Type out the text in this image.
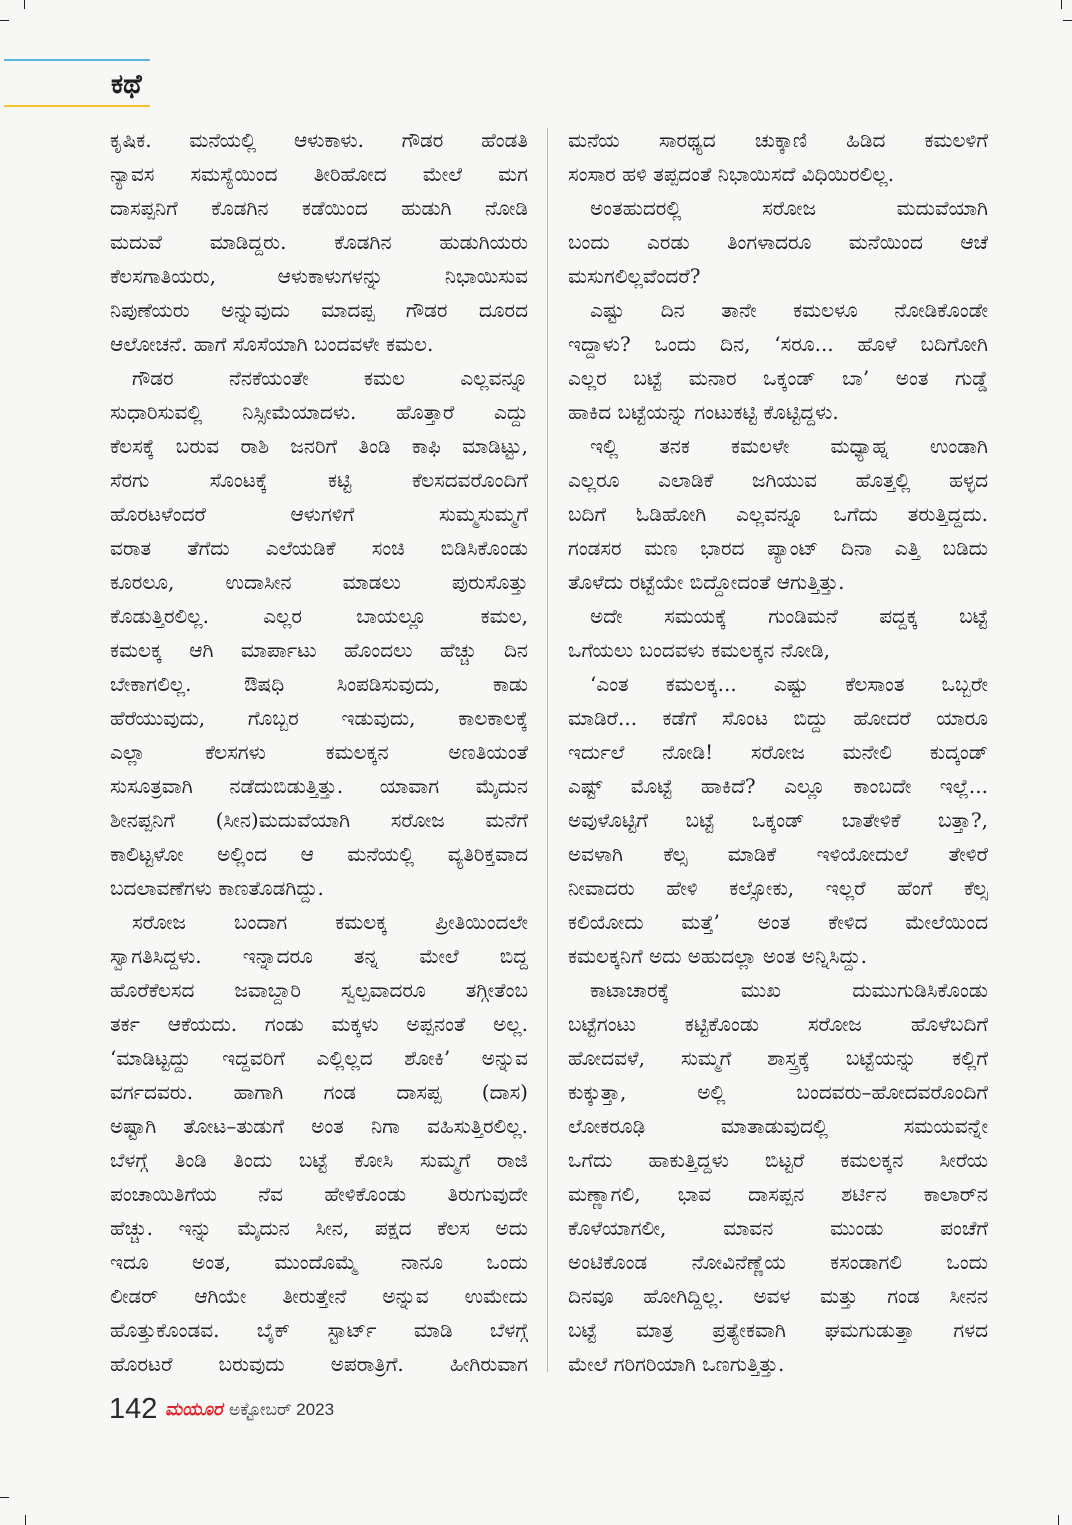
ಕಥೆ
ಕೃಷಿಕ. ಮನೆಯಲ್ಲಿ ಆಳುಕಾಳು. ಗೌಡರ ಹೆಂಡತಿ
ನ್ಯಾವಸ ಸಮಸ್ಯೆಯಿಂದ ತೀರಿಹೋದ ಮೇಲೆ ಮಗ
ದಾಸಪ್ಪನಿಗೆ ಕೊಡಗಿನ ಕಡೆಯಿಂದ ಹುಡುಗಿ ನೋಡಿ
ಮದುವೆ ಮಾಡಿದ್ದರು. ಕೊಡಗಿನ ಹುಡುಗಿಯರು
ಕೆಲಸಗಾತಿಯರು, ಆಳುಕಾಳುಗಳನ್ನು ನಿಭಾಯಿಸುವ
ನಿಪುಣೆಯರು ಅನ್ನುವುದು ಮಾದಪ್ಪ ಗೌಡರ ದೂರದ
ಆಲೋಚನೆ. ಹಾಗೆ ಸೊಸೆಯಾಗಿ ಬಂದವಳೇ ಕಮಲ.
ಗೌಡರ ನೆನಕೆಯಂತೇ ಕಮಲ ಎಲ್ಲವನ್ನೂ
ಸುಧಾರಿಸುವಲ್ಲಿ ನಿಸ್ಸೀಮೆಯಾದಳು. ಹೊತ್ತಾರೆ ಎದ್ದು
ಕೆಲಸಕ್ಕೆ ಬರುವ ರಾಶಿ ಜನರಿಗೆ ತಿಂಡಿ ಕಾಫಿ ಮಾಡಿಟ್ಟು,
ಸೆರಗು ಸೊಂಟಕ್ಕೆ ಕಟ್ಟಿ ಕೆಲಸದವರೊಂದಿಗೆ
ಹೊರಟಳೆಂದರೆ ಆಳುಗಳಿಗೆ ಸುಮ್ಮಸುಮ್ಮಗೆ
ವರಾತ ತೆಗೆದು ಎಲೆಯಡಿಕೆ ಸಂಚಿ ಬಿಡಿಸಿಕೊಂಡು
ಕೂರಲೂ, ಉದಾಸೀನ ಮಾಡಲು ಪುರುಸೊತ್ತು
ಕೊಡುತ್ತಿರಲಿಲ್ಲ. ಎಲ್ಲರ ಬಾಯಲ್ಲೂ ಕಮಲ,
ಕಮಲಕ್ಕ ಆಗಿ ಮಾರ್ಪಾಟು ಹೊಂದಲು ಹೆಚ್ಚು ದಿನ
ಬೇಕಾಗಲಿಲ್ಲ. ಔಷಧಿ ಸಿಂಪಡಿಸುವುದು, ಕಾಡು
ಹೆರೆಯುವುದು, ಗೊಬ್ಬರ ಇಡುವುದು, ಕಾಲಕಾಲಕ್ಕೆ
ಎಲ್ಲಾ ಕೆಲಸಗಳು ಕಮಲಕ್ಕನ ಅಣತಿಯಂತೆ
ಸುಸೂತ್ರವಾಗಿ ನಡೆದುಬಿಡುತ್ತಿತ್ತು. ಯಾವಾಗ ಮೈದುನ
ಶೀನಪ್ಪನಿಗೆ (ಸೀನ)ಮದುವೆಯಾಗಿ ಸರೋಜ ಮನೆಗೆ
ಕಾಲಿಟ್ಟಳೋ ಅಲ್ಲಿಂದ ಆ ಮನೆಯಲ್ಲಿ ವ್ಯತಿರಿಕ್ತವಾದ
ಬದಲಾವಣೆಗಳು ಕಾಣತೊಡಗಿದ್ದು.
ಸರೋಜ ಬಂದಾಗ ಕಮಲಕ್ಕ ಪ್ರೀತಿಯಿಂದಲೇ
ಸ್ವಾಗತಿಸಿದ್ದಳು. ಇನ್ನಾದರೂ ತನ್ನ ಮೇಲೆ ಬಿದ್ದ
ಹೊರೆಕೆಲಸದ ಜವಾಬ್ದಾರಿ ಸ್ವಲ್ಪವಾದರೂ ತಗ್ಗೀತೆಂಬ
ತರ್ಕ ಆಕೆಯದು. ಗಂಡು ಮಕ್ಕಳು ಅಪ್ಪನಂತೆ ಅಲ್ಲ.
‘ಮಾಡಿಟ್ಟದ್ದು ಇದ್ದವರಿಗೆ ಎಲ್ಲಿಲ್ಲದ ಶೋಕಿ’ ಅನ್ನುವ
ವರ್ಗದವರು. ಹಾಗಾಗಿ ಗಂಡ ದಾಸಪ್ಪ (ದಾಸ)
ಅಷ್ಟಾಗಿ ತೋಟ–ತುಡುಗೆ ಅಂತ ನಿಗಾ ವಹಿಸುತ್ತಿರಲಿಲ್ಲ.
ಬೆಳಗ್ಗೆ ತಿಂಡಿ ತಿಂದು ಬಟ್ಟೆ ಕೋಸಿ ಸುಮ್ಮಗೆ ರಾಜಿ
ಪಂಚಾಯಿತಿಗೆಯ ನೆವ ಹೇಳಿಕೊಂಡು ತಿರುಗುವುದೇ
ಹೆಚ್ಚು. ಇನ್ನು ಮೈದುನ ಸೀನ, ಪಕ್ಷದ ಕೆಲಸ ಅದು
ಇದೂ ಅಂತ, ಮುಂದೊಮ್ಮೆ ನಾನೂ ಒಂದು
ಲೀಡರ್ ಆಗಿಯೇ ತೀರುತ್ತೇನೆ ಅನ್ನುವ ಉಮೇದು
ಹೊತ್ತುಕೊಂಡವ. ಬೈಕ್ ಸ್ಟಾರ್ಟ್ ಮಾಡಿ ಬೆಳಗ್ಗೆ
ಹೊರಟರೆ ಬರುವುದು ಅಪರಾತ್ರಿಗೆ. ಹೀಗಿರುವಾಗ
ಮನೆಯ ಸಾರಥ್ಯದ ಚುಕ್ಕಾಣಿ ಹಿಡಿದ ಕಮಲಳಿಗೆ
ಸಂಸಾರ ಹಳಿ ತಪ್ಪದಂತೆ ನಿಭಾಯಿಸದೆ ವಿಧಿಯಿರಲಿಲ್ಲ.
ಅಂತಹುದರಲ್ಲಿ ಸರೋಜ ಮದುವೆಯಾಗಿ
ಬಂದು ಎರಡು ತಿಂಗಳಾದರೂ ಮನೆಯಿಂದ ಆಚೆ
ಮಸುಗಲಿಲ್ಲವೆಂದರೆ?
ಎಷ್ಟು ದಿನ ತಾನೇ ಕಮಲಳೂ ನೋಡಿಕೊಂಡೇ
ಇದ್ದಾಳು? ಒಂದು ದಿನ, ‘ಸರೂ... ಹೊಳೆ ಬದಿಗೋಗಿ
ಎಲ್ಲರ ಬಟ್ಟೆ ಮನಾರ ಒಕ್ಕಂಡ್ ಬಾ’ ಅಂತ ಗುಡ್ಡೆ
ಹಾಕಿದ ಬಟ್ಟೆಯನ್ನು ಗಂಟುಕಟ್ಟಿ ಕೊಟ್ಟಿದ್ದಳು.
ಇಲ್ಲಿ ತನಕ ಕಮಲಳೇ ಮಧ್ಯಾಹ್ನ ಉಂಡಾಗಿ
ಎಲ್ಲರೂ ಎಲಾಡಿಕೆ ಜಗಿಯುವ ಹೊತ್ತಲ್ಲಿ ಹಳ್ಳದ
ಬದಿಗೆ ಓಡಿಹೋಗಿ ಎಲ್ಲವನ್ನೂ ಒಗೆದು ತರುತ್ತಿದ್ದದು.
ಗಂಡಸರ ಮಣ ಭಾರದ ಪ್ಯಾಂಟ್ ದಿನಾ ಎತ್ತಿ ಬಡಿದು
ತೊಳೆದು ರಟ್ಟೆಯೇ ಬಿದ್ದೋದಂತೆ ಆಗುತ್ತಿತ್ತು.
ಅದೇ ಸಮಯಕ್ಕೆ ಗುಂಡಿಮನೆ ಪದ್ದಕ್ಕ ಬಟ್ಟೆ
ಒಗೆಯಲು ಬಂದವಳು ಕಮಲಕ್ಕನ ನೋಡಿ,
‘ಎಂತ ಕಮಲಕ್ಕ... ಎಷ್ಟು ಕೆಲಸಾಂತ ಒಬ್ಬರೇ
ಮಾಡಿರೆ... ಕಡೆಗೆ ಸೊಂಟ ಬಿದ್ದು ಹೋದರೆ ಯಾರೂ
ಇರ್ದುಲೆ ನೋಡಿ! ಸರೋಜ ಮನೇಲಿ ಕುದ್ಕಂಡ್
ಎಷ್ಟ್ ಮೊಟ್ಟೆ ಹಾಕಿದೆ? ಎಲ್ಲೂ ಕಾಂಬದೇ ಇಲ್ಲೆ...
ಅವುಳೊಟ್ಟಿಗೆ ಬಟ್ಟೆ ಒಕ್ಕಂಡ್ ಬಾತೇಳಿಕೆ ಬತ್ತಾ?,
ಅವಳಾಗಿ ಕೆಲ್ಸ ಮಾಡಿಕೆ ಇಳಿಯೋದುಲೆ ತೇಳಿರೆ
ನೀವಾದರು ಹೇಳಿ ಕಲ್ಸೋಕು, ಇಲ್ಲರೆ ಹೆಂಗೆ ಕೆಲ್ಸ
ಕಲಿಯೋದು ಮತ್ತೆ’ ಅಂತ ಕೇಳಿದ ಮೇಲೆಯಿಂದ
ಕಮಲಕ್ಕನಿಗೆ ಅದು ಅಹುದಲ್ಲಾ ಅಂತ ಅನ್ನಿಸಿದ್ದು.
ಕಾಟಾಚಾರಕ್ಕೆ ಮುಖ ದುಮುಗುಡಿಸಿಕೊಂಡು
ಬಟ್ಟೆಗಂಟು ಕಟ್ಟಿಕೊಂಡು ಸರೋಜ ಹೊಳೆಬದಿಗೆ
ಹೋದವಳೆ, ಸುಮ್ಮಗೆ ಶಾಸ್ತ್ರಕ್ಕೆ ಬಟ್ಟೆಯನ್ನು ಕಲ್ಲಿಗೆ
ಕುಕ್ಕುತ್ತಾ, ಅಲ್ಲಿ ಬಂದವರು–ಹೋದವರೊಂದಿಗೆ
ಲೋಕರೂಢಿ ಮಾತಾಡುವುದಲ್ಲಿ ಸಮಯವನ್ನೇ
ಒಗೆದು ಹಾಕುತ್ತಿದ್ದಳು ಬಿಟ್ಟರೆ ಕಮಲಕ್ಕನ ಸೀರೆಯ
ಮಣ್ಣಾಗಲಿ, ಭಾವ ದಾಸಪ್ಪನ ಶರ್ಟಿನ ಕಾಲಾರ್‌ನ
ಕೊಳೆಯಾಗಲೀ, ಮಾವನ ಮುಂಡು ಪಂಚೆಗೆ
ಅಂಟಿಕೊಂಡ ನೋವಿನೆಣ್ಣೆಯ ಕಸಂಡಾಗಲಿ ಒಂದು
ದಿನವೂ ಹೋಗಿದ್ದಿಲ್ಲ. ಅವಳ ಮತ್ತು ಗಂಡ ಸೀನನ
ಬಟ್ಟೆ ಮಾತ್ರ ಪ್ರತ್ಯೇಕವಾಗಿ ಘಮಗುಡುತ್ತಾ ಗಳದ
ಮೇಲೆ ಗರಿಗರಿಯಾಗಿ ಒಣಗುತ್ತಿತ್ತು.
142 ಮಯೂರ ಅಕ್ಟೋಬರ್ 2023
